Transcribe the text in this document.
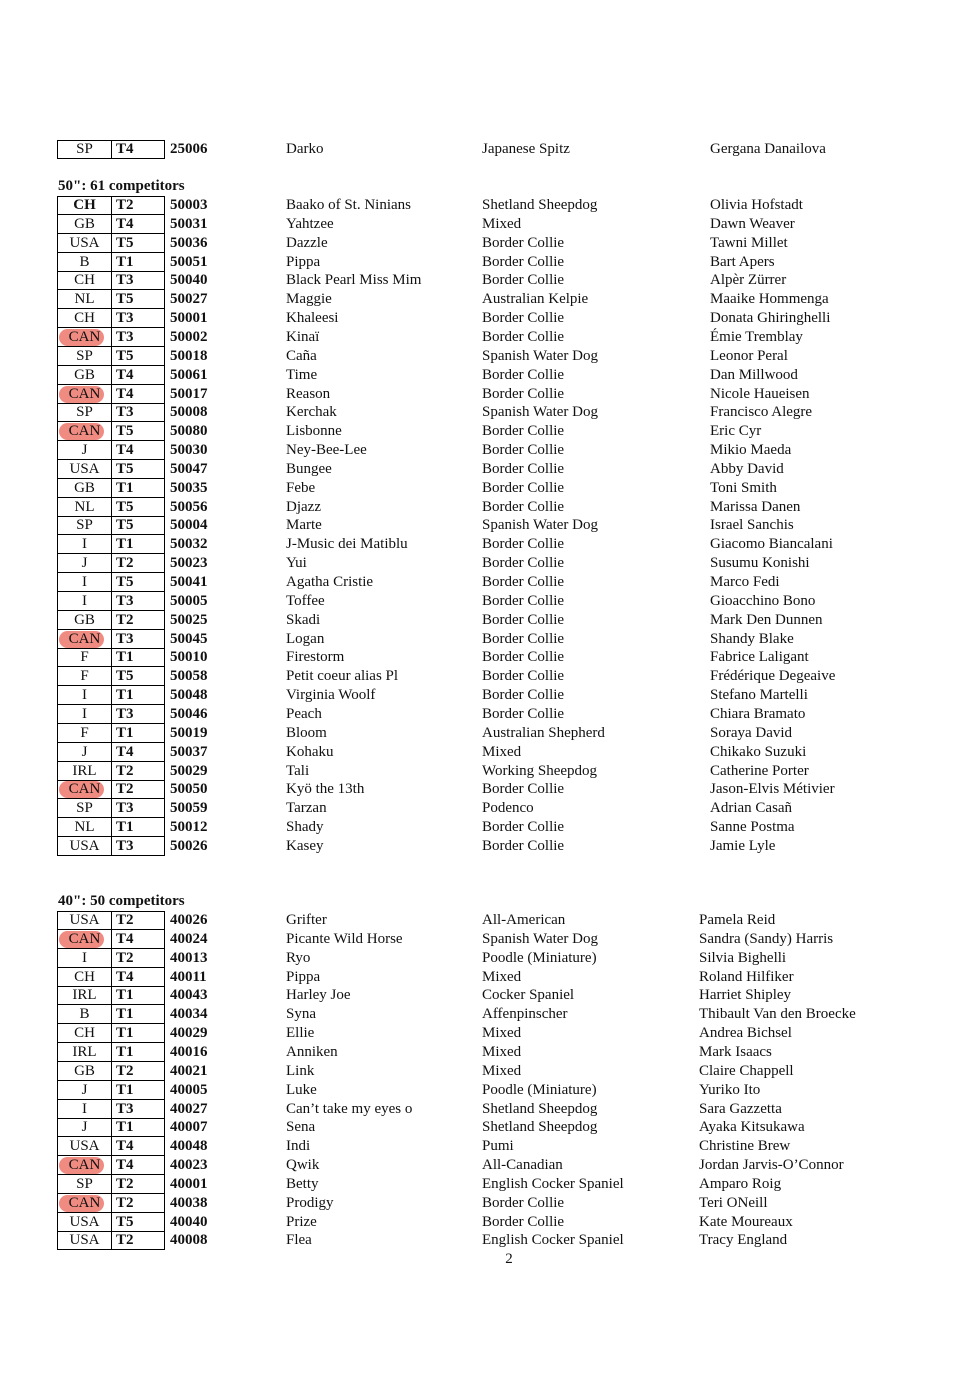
SP	T4 25006	Darko	Japanese Spitz	Gergana Danailova
50": 61 competitors
CH	T2 50003	Baako of St. Ninians	Shetland Sheepdog	Olivia Hofstadt
GB	T4 50031	Yahtzee	Mixed	Dawn Weaver
USA	T5 50036	Dazzle	Border Collie	Tawni Millet
B	T1 50051	Pippa	Border Collie	Bart Apers
CH	T3 50040	Black Pearl Miss Mim	Border Collie	Alpèr Zürrer
NL	T5 50027	Maggie	Australian Kelpie	Maaike Hommenga
CH	T3 50001	Khaleesi	Border Collie	Donata Ghiringhelli
CAN	T3 50002	Kinaï	Border Collie	Émie Tremblay
SP	T5 50018	Caña	Spanish Water Dog	Leonor Peral
GB	T4 50061	Time	Border Collie	Dan Millwood
CAN	T4 50017	Reason	Border Collie	Nicole Haueisen
SP	T3 50008	Kerchak	Spanish Water Dog	Francisco Alegre
CAN	T5 50080	Lisbonne	Border Collie	Eric Cyr
J	T4 50030	Ney-Bee-Lee	Border Collie	Mikio Maeda
USA	T5 50047	Bungee	Border Collie	Abby David
GB	T1 50035	Febe	Border Collie	Toni Smith
NL	T5 50056	Djazz	Border Collie	Marissa Danen
SP	T5 50004	Marte	Spanish Water Dog	Israel Sanchis
I	T1 50032	J-Music dei Matiblu	Border Collie	Giacomo Biancalani
J	T2 50023	Yui	Border Collie	Susumu Konishi
I	T5 50041	Agatha Cristie	Border Collie	Marco Fedi
I	T3 50005	Toffee	Border Collie	Gioacchino Bono
GB	T2 50025	Skadi	Border Collie	Mark Den Dunnen
CAN	T3 50045	Logan	Border Collie	Shandy Blake
F	T1 50010	Firestorm	Border Collie	Fabrice Laligant
F	T5 50058	Petit coeur alias Pl	Border Collie	Frédérique Degeaive
I	T1 50048	Virginia Woolf	Border Collie	Stefano Martelli
I	T3 50046	Peach	Border Collie	Chiara Bramato
F	T1 50019	Bloom	Australian Shepherd	Soraya David
J	T4 50037	Kohaku	Mixed	Chikako Suzuki
IRL	T2 50029	Tali	Working Sheepdog	Catherine Porter
CAN	T2 50050	Kyö the 13th	Border Collie	Jason-Elvis Métivier
SP	T3 50059	Tarzan	Podenco	Adrian Casañ
NL	T1 50012	Shady	Border Collie	Sanne Postma
USA	T3 50026	Kasey	Border Collie	Jamie Lyle
40": 50 competitors
USA	T2 40026	Grifter	All-American	Pamela Reid
CAN	T4 40024	Picante Wild Horse	Spanish Water Dog	Sandra (Sandy) Harris
I	T2 40013	Ryo	Poodle (Miniature)	Silvia Bighelli
CH	T4 40011	Pippa	Mixed	Roland Hilfiker
IRL	T1 40043	Harley Joe	Cocker Spaniel	Harriet Shipley
B	T1 40034	Syna	Affenpinscher	Thibault Van den Broecke
CH	T1 40029	Ellie	Mixed	Andrea Bichsel
IRL	T1 40016	Anniken	Mixed	Mark Isaacs
GB	T2 40021	Link	Mixed	Claire Chappell
J	T1 40005	Luke	Poodle (Miniature)	Yuriko Ito
I	T3 40027	Can’t take my eyes o	Shetland Sheepdog	Sara Gazzetta
J	T1 40007	Sena	Shetland Sheepdog	Ayaka Kitsukawa
USA	T4 40048	Indi	Pumi	Christine Brew
CAN	T4 40023	Qwik	All-Canadian	Jordan Jarvis-O’Connor
SP	T2 40001	Betty	English Cocker Spaniel	Amparo Roig
CAN	T2 40038	Prodigy	Border Collie	Teri ONeill
USA	T5 40040	Prize	Border Collie	Kate Moureaux
USA	T2 40008	Flea	English Cocker Spaniel	Tracy England
2
